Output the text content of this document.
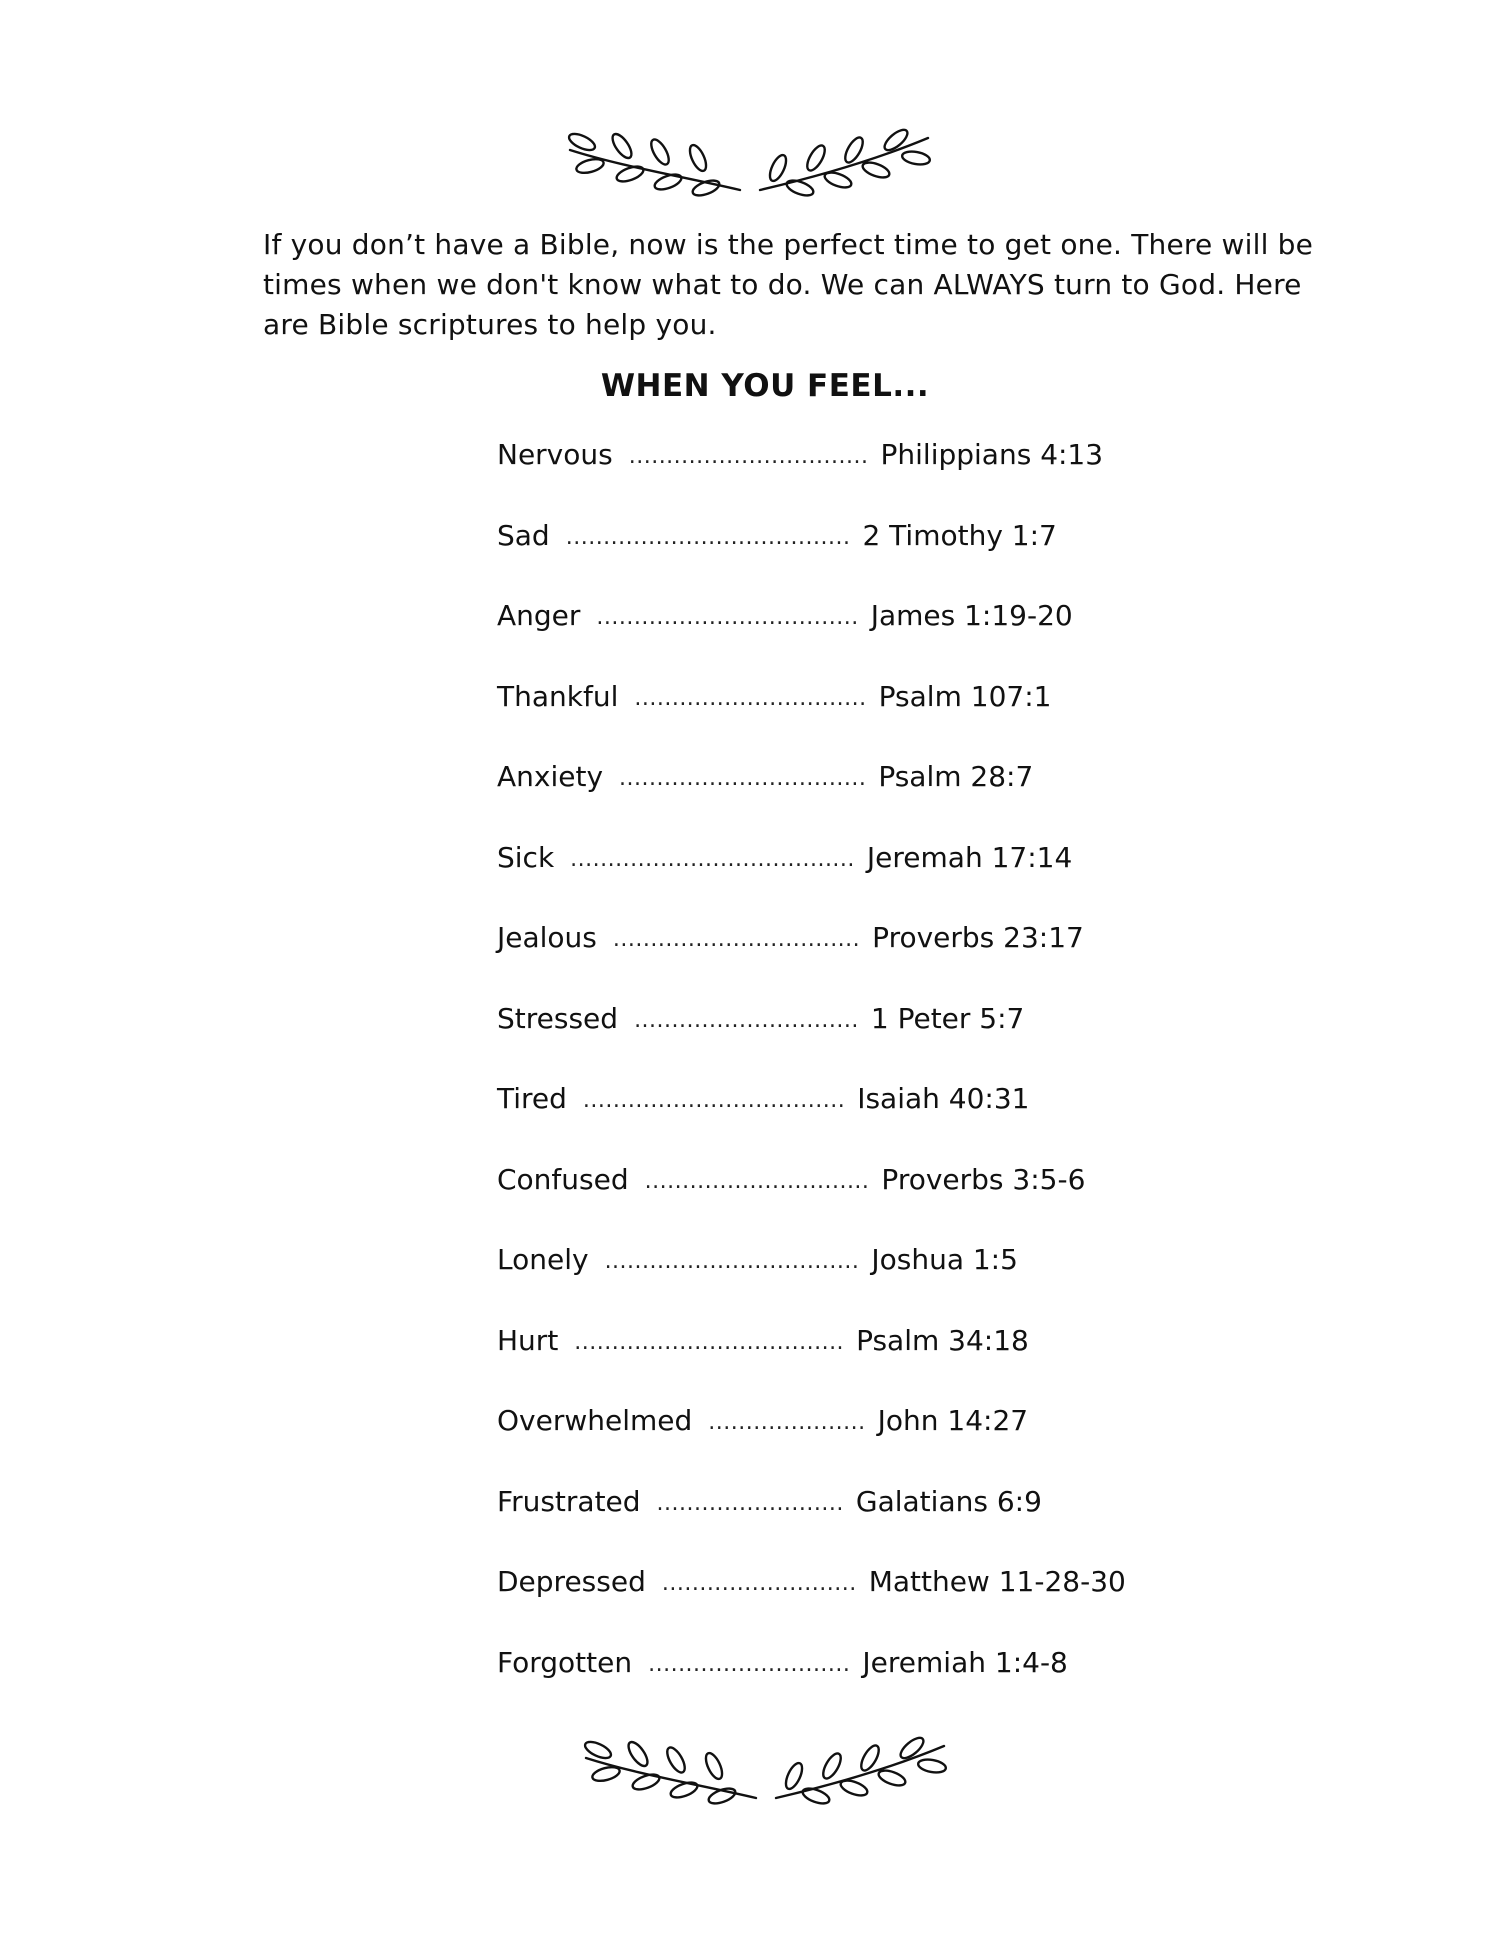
If you don’t have a Bible, now is the perfect time to get one. There will be times when we don't know what to do. We can ALWAYS turn to God. Here are Bible scriptures to help you.
WHEN YOU FEEL...
Nervous ................................ Philippians 4:13
Sad ...................................... 2 Timothy 1:7
Anger ................................... James 1:19-20
Thankful ............................... Psalm 107:1
Anxiety ................................. Psalm 28:7
Sick ...................................... Jeremah 17:14
Jealous ................................. Proverbs 23:17
Stressed .............................. 1 Peter 5:7
Tired ................................... Isaiah 40:31
Confused .............................. Proverbs 3:5-6
Lonely .................................. Joshua 1:5
Hurt .................................... Psalm 34:18
Overwhelmed ..................... John 14:27
Frustrated ......................... Galatians 6:9
Depressed .......................... Matthew 11-28-30
Forgotten ........................... Jeremiah 1:4-8
